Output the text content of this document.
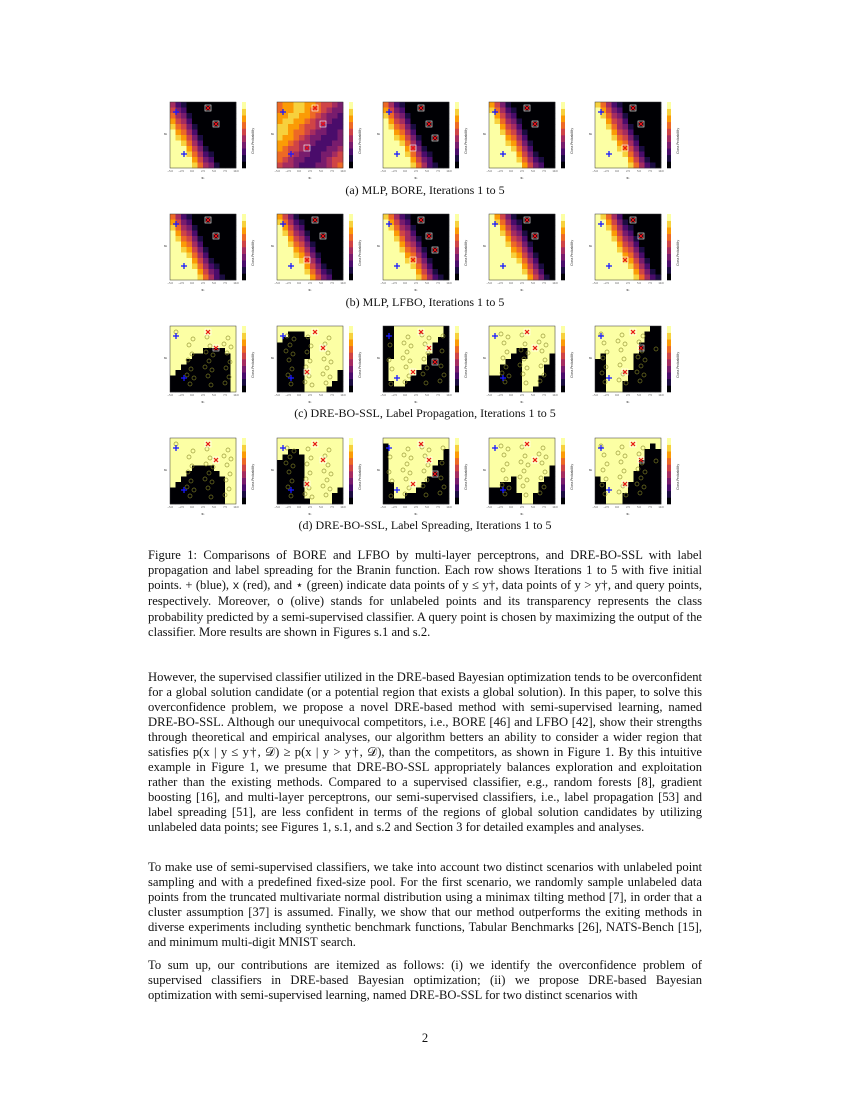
Class Probability
x₁
x₂
−5.0 −2.5	0.0	2.5	5.0	7.5	10.0
Class Probability
x₁
x₂
−5.0 −2.5	0.0	2.5	5.0	7.5	10.0
Class Probability
x₁
x₂
−5.0 −2.5	0.0	2.5	5.0	7.5	10.0
Class Probability
x₁
x₂
−5.0 −2.5	0.0	2.5	5.0	7.5	10.0
Class Probability
x₁
x₂
−5.0 −2.5	0.0	2.5	5.0	7.5	10.0
(a) MLP, BORE, Iterations 1 to 5
Class Probability
x₁
x₂
−5.0 −2.5	0.0	2.5	5.0	7.5	10.0
Class Probability
x₁
x₂
−5.0 −2.5	0.0	2.5	5.0	7.5	10.0
Class Probability
x₁
x₂
−5.0 −2.5	0.0	2.5	5.0	7.5	10.0
Class Probability
x₁
x₂
−5.0 −2.5	0.0	2.5	5.0	7.5	10.0
Class Probability
x₁
x₂
−5.0 −2.5	0.0	2.5	5.0	7.5	10.0
(b) MLP, LFBO, Iterations 1 to 5
Class Probability
x₁
x₂
−5.0 −2.5	0.0	2.5	5.0	7.5	10.0
Class Probability
x₁
x₂
−5.0 −2.5	0.0	2.5	5.0	7.5	10.0
Class Probability
x₁
x₂
−5.0 −2.5	0.0	2.5	5.0	7.5	10.0
Class Probability
x₁
x₂
−5.0 −2.5	0.0	2.5	5.0	7.5	10.0
Class Probability
x₁
x₂
−5.0 −2.5	0.0	2.5	5.0	7.5	10.0
(c) DRE-BO-SSL, Label Propagation, Iterations 1 to 5
Class Probability
x₁
x₂
−5.0 −2.5	0.0	2.5	5.0	7.5	10.0
Class Probability
x₁
x₂
−5.0 −2.5	0.0	2.5	5.0	7.5	10.0
Class Probability
x₁
x₂
−5.0 −2.5	0.0	2.5	5.0	7.5	10.0
Class Probability
x₁
x₂
−5.0 −2.5	0.0	2.5	5.0	7.5	10.0
Class Probability
x₁
x₂
−5.0 −2.5	0.0	2.5	5.0	7.5	10.0
(d) DRE-BO-SSL, Label Spreading, Iterations 1 to 5
Figure 1: Comparisons of BORE and LFBO by multi-layer perceptrons, and DRE-BO-SSL with label propagation and label spreading for the Branin function. Each row shows Iterations 1 to 5 with five initial points. + (blue), x (red), and ⋆ (green) indicate data points of y ≤ y†, data points of y > y†, and query points, respectively. Moreover, o (olive) stands for unlabeled points and its transparency represents the class probability predicted by a semi-supervised classifier. A query point is chosen by maximizing the output of the classifier. More results are shown in Figures s.1 and s.2.

However, the supervised classifier utilized in the DRE-based Bayesian optimization tends to be overconfident for a global solution candidate (or a potential region that exists a global solution). In this paper, to solve this overconfidence problem, we propose a novel DRE-based method with semi-supervised learning, named DRE-BO-SSL. Although our unequivocal competitors, i.e., BORE [46] and LFBO [42], show their strengths through theoretical and empirical analyses, our algorithm betters an ability to consider a wider region that satisfies p(x | y ≤ y†, 𝒟) ≥ p(x | y > y†, 𝒟), than the competitors, as shown in Figure 1. By this intuitive example in Figure 1, we presume that DRE-BO-SSL appropriately balances exploration and exploitation rather than the existing methods. Compared to a supervised classifier, e.g., random forests [8], gradient boosting [16], and multi-layer perceptrons, our semi-supervised classifiers, i.e., label propagation [53] and label spreading [51], are less confident in terms of the regions of global solution candidates by utilizing unlabeled data points; see Figures 1, s.1, and s.2 and Section 3 for detailed examples and analyses.

To make use of semi-supervised classifiers, we take into account two distinct scenarios with unlabeled point sampling and with a predefined fixed-size pool. For the first scenario, we randomly sample unlabeled data points from the truncated multivariate normal distribution using a minimax tilting method [7], in order that a cluster assumption [37] is assumed. Finally, we show that our method outperforms the exiting methods in diverse experiments including synthetic benchmark functions, Tabular Benchmarks [26], NATS-Bench [15], and minimum multi-digit MNIST search.

To sum up, our contributions are itemized as follows: (i) we identify the overconfidence problem of supervised classifiers in DRE-based Bayesian optimization; (ii) we propose DRE-based Bayesian optimization with semi-supervised learning, named DRE-BO-SSL for two distinct scenarios with

2
